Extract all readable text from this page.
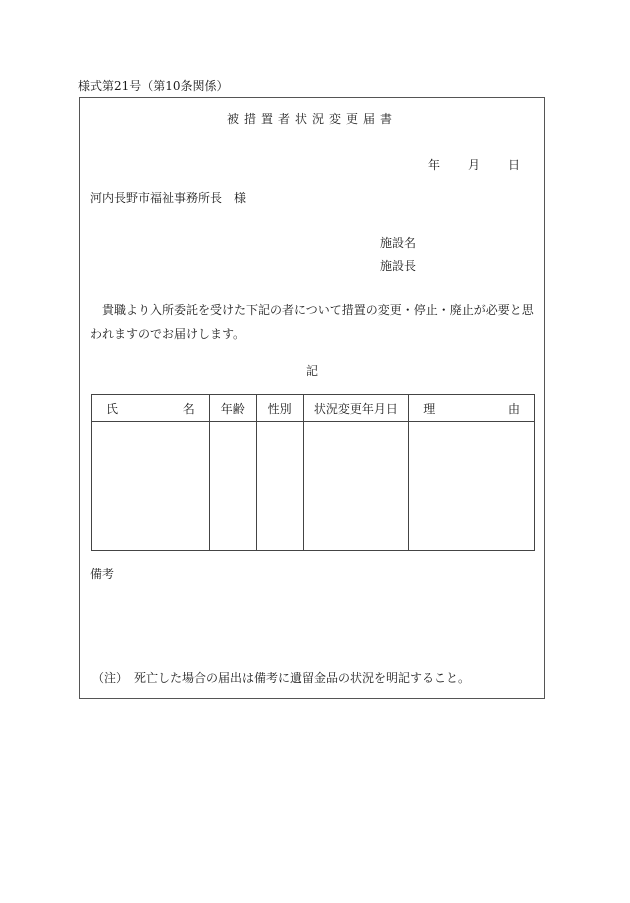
様式第21号（第10条関係）
被措置者状況変更届書
年 月 日
河内長野市福祉事務所長　様
施設名
施設長
　貴職より入所委託を受けた下記の者について措置の変更・停止・廃止が必要と思われますのでお届けします。
記
氏 名	年齢	性別	状況変更年月日	理 由

備考
（注）　死亡した場合の届出は備考に遺留金品の状況を明記すること。
